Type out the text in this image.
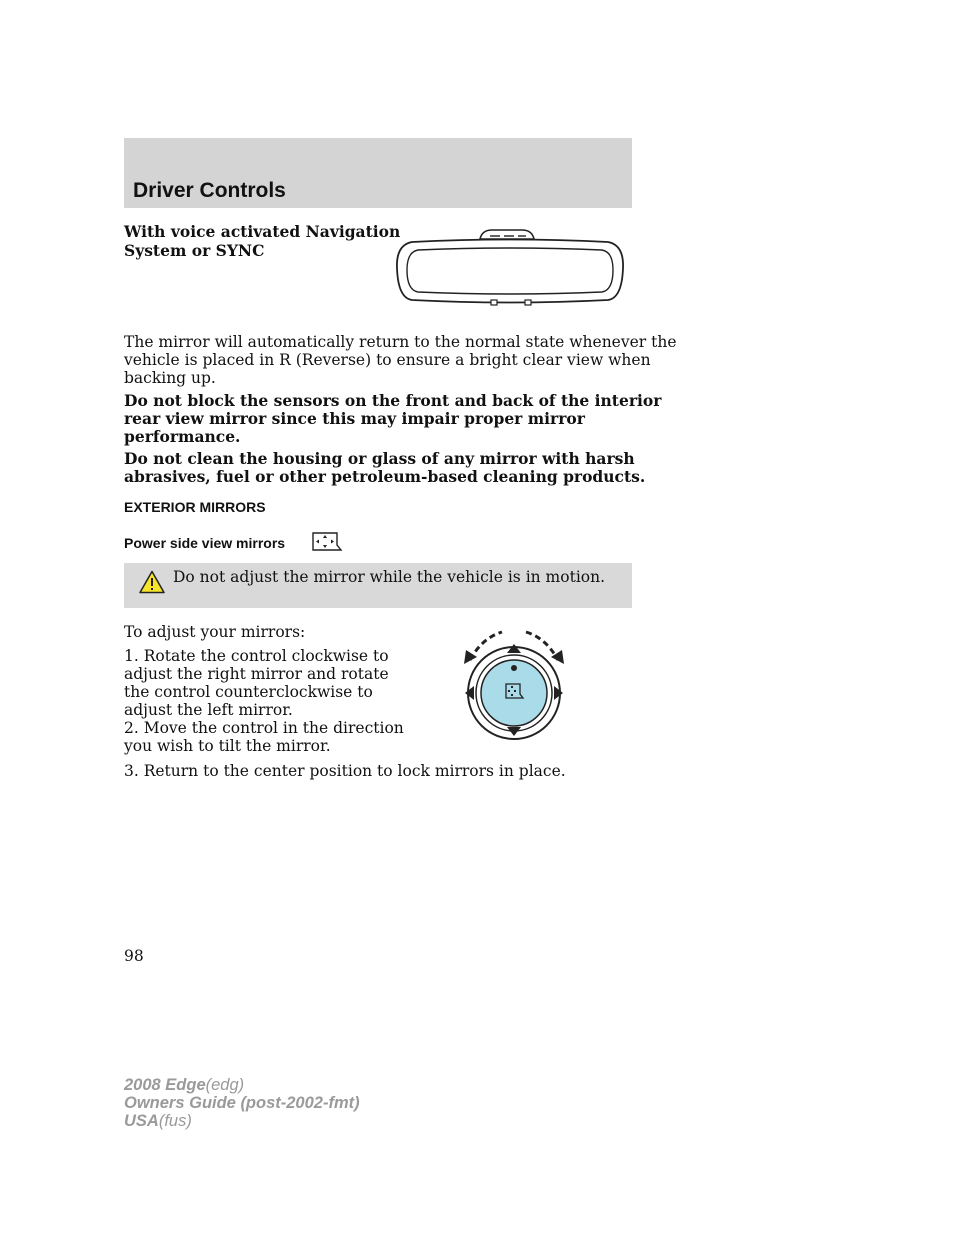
Driver Controls
With voice activated Navigation
System or SYNC
The mirror will automatically return to the normal state whenever the
vehicle is placed in R (Reverse) to ensure a bright clear view when
backing up.
Do not block the sensors on the front and back of the interior
rear view mirror since this may impair proper mirror
performance.
Do not clean the housing or glass of any mirror with harsh
abrasives, fuel or other petroleum-based cleaning products.
EXTERIOR MIRRORS
Power side view mirrors
Do not adjust the mirror while the vehicle is in motion.
To adjust your mirrors:
1. Rotate the control clockwise to
adjust the right mirror and rotate
the control counterclockwise to
adjust the left mirror.
2. Move the control in the direction
you wish to tilt the mirror.
3. Return to the center position to lock mirrors in place.
98
2008 Edge(edg)
Owners Guide (post-2002-fmt)
USA(fus)
